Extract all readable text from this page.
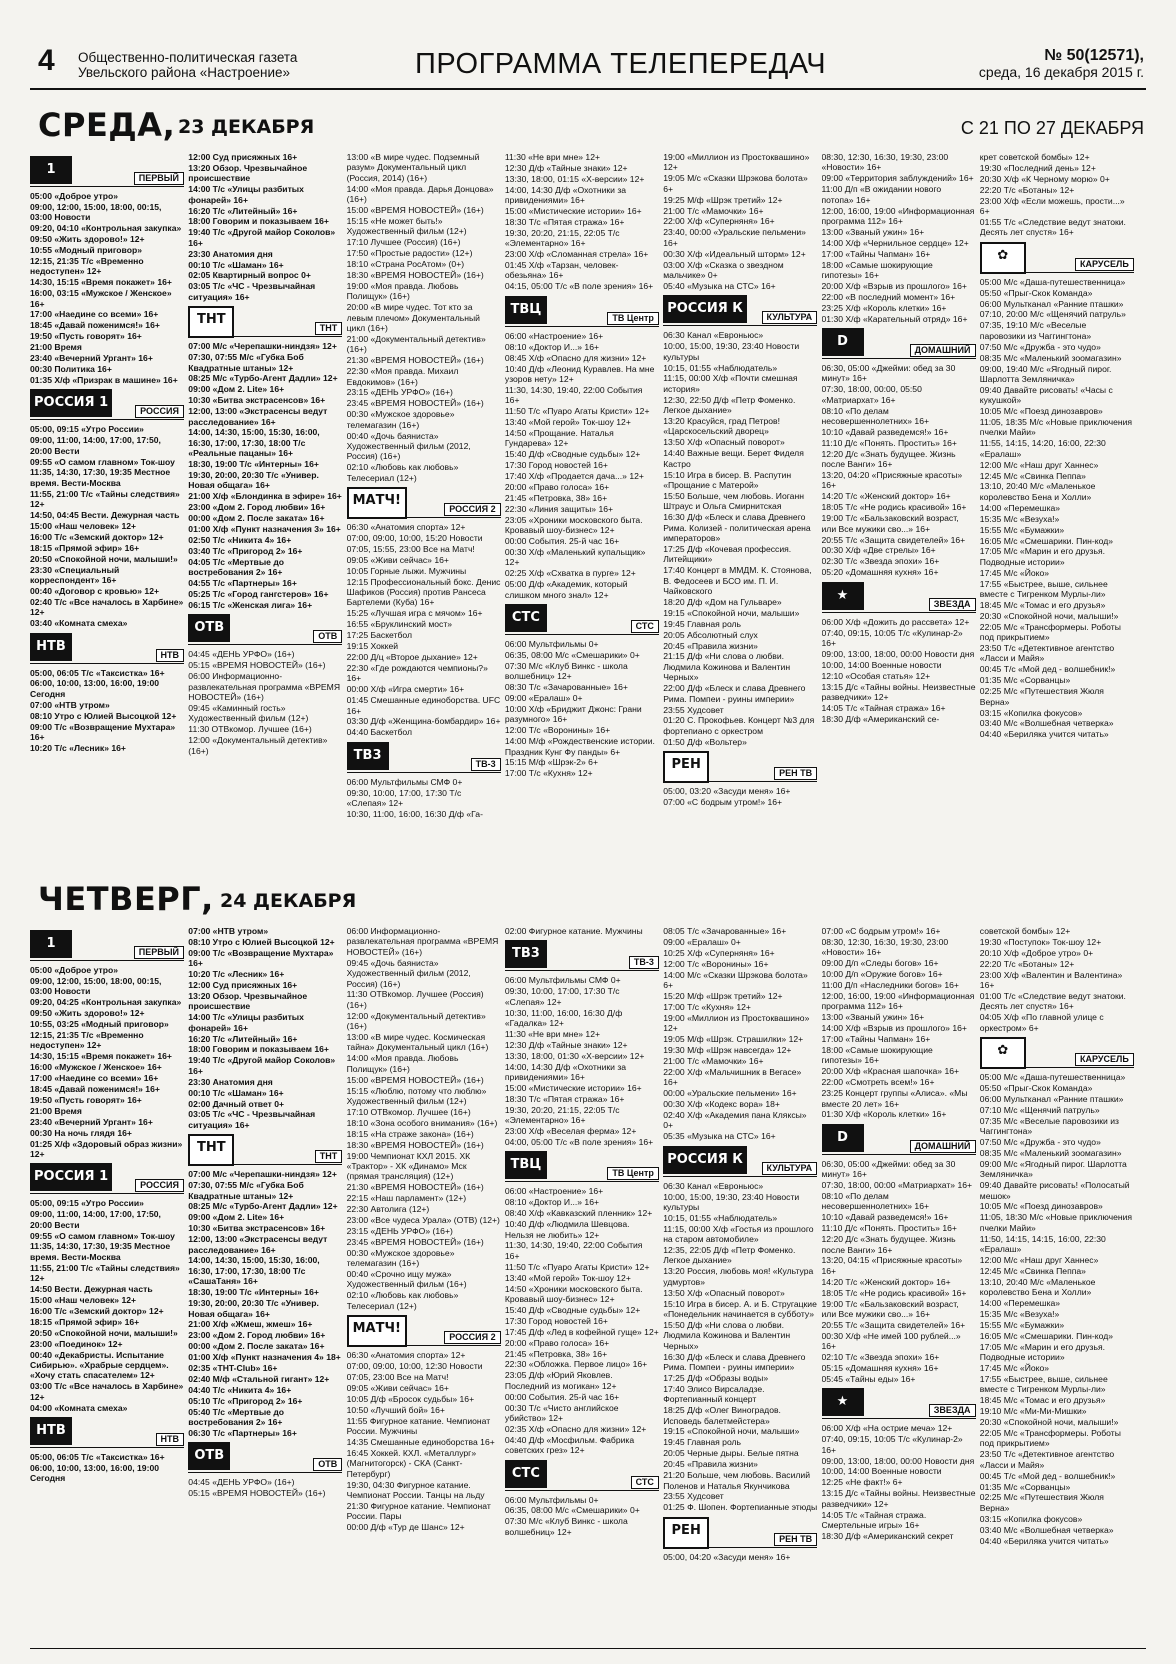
4 Общественно-политическая газета
Увельского района «Настроение»	ПРОГРАММА ТЕЛЕПЕРЕДАЧ	№ 50(12571),
среда, 16 декабря 2015 г.
СРЕДА, 23 ДЕКАБРЯ	С 21 ПО 27 ДЕКАБРЯ
1
ПЕРВЫЙ
05:00 «Доброе утро»
09:00, 12:00, 15:00, 18:00, 00:15, 03:00 Новости
09:20, 04:10 «Контрольная закупка»
09:50 «Жить здорово!» 12+
10:55 «Модный приговор»
12:15, 21:35 Т/с «Временно недоступен» 12+
14:30, 15:15 «Время покажет» 16+
16:00, 03:15 «Мужское / Женское» 16+
17:00 «Наедине со всеми» 16+
18:45 «Давай поженимся!» 16+
19:50 «Пусть говорят» 16+
21:00 Время
23:40 «Вечерний Ургант» 16+
00:30 Политика 16+
01:35 Х/ф «Призрак в машине» 16+
РОССИЯ 1
РОССИЯ
05:00, 09:15 «Утро России»
09:00, 11:00, 14:00, 17:00, 17:50, 20:00 Вести
09:55 «О самом главном» Ток-шоу
11:35, 14:30, 17:30, 19:35 Местное время. Вести-Москва
11:55, 21:00 Т/с «Тайны следствия» 12+
14:50, 04:45 Вести. Дежурная часть
15:00 «Наш человек» 12+
16:00 Т/с «Земский доктор» 12+
18:15 «Прямой эфир» 16+
20:50 «Спокойной ночи, малыши!»
23:30 «Специальный корреспондент» 16+
00:40 «Договор с кровью» 12+
02:40 Т/с «Все началось в Харбине» 12+
03:40 «Комната смеха»
НТВ
НТВ
05:00, 06:05 Т/с «Таксистка» 16+
06:00, 10:00, 13:00, 16:00, 19:00 Сегодня
07:00 «НТВ утром»
08:10 Утро с Юлией Высоцкой 12+
09:00 Т/с «Возвращение Мухтара» 16+
10:20 Т/с «Лесник» 16+
12:00 Суд присяжных 16+
13:20 Обзор. Чрезвычайное происшествие
14:00 Т/с «Улицы разбитых фонарей» 16+
16:20 Т/с «Литейный» 16+
18:00 Говорим и показываем 16+
19:40 Т/с «Другой майор Соколов» 16+
23:30 Анатомия дня
00:10 Т/с «Шаман» 16+
02:05 Квартирный вопрос 0+
03:05 Т/с «ЧС - Чрезвычайная ситуация» 16+
ТНТ
ТНТ
07:00 М/с «Черепашки-ниндзя» 12+
07:30, 07:55 М/с «Губка Боб Квадратные штаны» 12+
08:25 М/с «Турбо-Агент Дадли» 12+
09:00 «Дом 2. Lite» 16+
10:30 «Битва экстрасенсов» 16+
12:00, 13:00 «Экстрасенсы ведут расследование» 16+
14:00, 14:30, 15:00, 15:30, 16:00, 16:30, 17:00, 17:30, 18:00 Т/с «Реальные пацаны» 16+
18:30, 19:00 Т/с «Интерны» 16+
19:30, 20:00, 20:30 Т/с «Универ. Новая общага» 16+
21:00 Х/ф «Блондинка в эфире» 16+
23:00 «Дом 2. Город любви» 16+
00:00 «Дом 2. После заката» 16+
01:00 Х/ф «Пункт назначения 3» 16+
02:50 Т/с «Никита 4» 16+
03:40 Т/с «Пригород 2» 16+
04:05 Т/с «Мертвые до востребования 2» 16+
04:55 Т/с «Партнеры» 16+
05:25 Т/с «Город гангстеров» 16+
06:15 Т/с «Женская лига» 16+
ОТВ
ОТВ
04:45 «ДЕНЬ УРФО» (16+)
05:15 «ВРЕМЯ НОВОСТЕЙ» (16+)
06:00 Информационно-развлекательная программа «ВРЕМЯ НОВОСТЕЙ» (16+)
09:45 «Каминный гость» Художественный фильм (12+)
11:30 ОТВкомор. Лучшее (16+)
12:00 «Документальный детектив» (16+)
13:00 «В мире чудес. Подземный разум» Документальный цикл (Россия, 2014) (16+)
14:00 «Моя правда. Дарья Донцова» (16+)
15:00 «ВРЕМЯ НОВОСТЕЙ» (16+)
15:15 «Не может быть!» Художественный фильм (12+)
17:10 Лучшее (Россия) (16+)
17:50 «Простые радости» (12+)
18:10 «Страна РосАтом» (0+)
18:30 «ВРЕМЯ НОВОСТЕЙ» (16+)
19:00 «Моя правда. Любовь Полищук» (16+)
20:00 «В мире чудес. Тот кто за левым плечом» Документальный цикл (16+)
21:00 «Документальный детектив» (16+)
21:30 «ВРЕМЯ НОВОСТЕЙ» (16+)
22:30 «Моя правда. Михаил Евдокимов» (16+)
23:15 «ДЕНЬ УРФО» (16+)
23:45 «ВРЕМЯ НОВОСТЕЙ» (16+)
00:30 «Мужское здоровье» телемагазин (16+)
00:40 «Дочь баяниста» Художественный фильм (2012, Россия) (16+)
02:10 «Любовь как любовь» Телесериал (12+)
МАТЧ!
РОССИЯ 2
06:30 «Анатомия спорта» 12+
07:00, 09:00, 10:00, 15:20 Новости
07:05, 15:55, 23:00 Все на Матч!
09:05 «Живи сейчас» 16+
10:05 Горные лыжи. Мужчины
12:15 Профессиональный бокс. Денис Шафиков (Россия) против Рансеса Бартелеми (Куба) 16+
15:25 «Лучшая игра с мячом» 16+
16:55 «Бруклинский мост»
17:25 Баскетбол
19:15 Хоккей
22:00 Д/ц «Второе дыхание» 12+
22:30 «Где рождаются чемпионы?» 16+
00:00 Х/ф «Игра смерти» 16+
01:45 Смешанные единоборства. UFC 16+
03:30 Д/ф «Женщина-бомбардир» 16+
04:40 Баскетбол
ТВ3
ТВ-3
06:00 Мультфильмы СМФ 0+
09:30, 10:00, 17:00, 17:30 Т/с «Слепая» 12+
10:30, 11:00, 16:00, 16:30 Д/ф «Га-
11:30 «Не ври мне» 12+
12:30 Д/ф «Тайные знаки» 12+
13:30, 18:00, 01:15 «Х-версии» 12+
14:00, 14:30 Д/ф «Охотники за привидениями» 16+
15:00 «Мистические истории» 16+
18:30 Т/с «Пятая стража» 16+
19:30, 20:20, 21:15, 22:05 Т/с «Элементарно» 16+
23:00 Х/ф «Сломанная стрела» 16+
01:45 Х/ф «Тарзан, человек-обезьяна» 16+
04:15, 05:00 Т/с «В поле зрения» 16+
ТВЦ
ТВ Центр
06:00 «Настроение» 16+
08:10 «Доктор И...» 16+
08:45 Х/ф «Опасно для жизни» 12+
10:40 Д/ф «Леонид Куравлев. На мне узоров нету» 12+
11:30, 14:30, 19:40, 22:00 События 16+
11:50 Т/с «Пуаро Агаты Кристи» 12+
13:40 «Мой герой» Ток-шоу 12+
14:50 «Прощание. Наталья Гундарева» 12+
15:40 Д/ф «Сводные судьбы» 12+
17:30 Город новостей 16+
17:40 Х/ф «Продается дача...» 12+
20:00 «Право голоса» 16+
21:45 «Петровка, 38» 16+
22:30 «Линия защиты» 16+
23:05 «Хроники московского быта. Кровавый шоу-бизнес» 12+
00:00 События. 25-й час 16+
00:30 Х/ф «Маленький купальщик» 12+
02:25 Х/ф «Схватка в пурге» 12+
05:00 Д/ф «Академик, который слишком много знал» 12+
СТС
СТС
06:00 Мультфильмы 0+
06:35, 08:00 М/с «Смешарики» 0+
07:30 М/с «Клуб Винкс - школа волшебниц» 12+
08:30 Т/с «Зачарованные» 16+
09:00 «Ералаш» 0+
10:00 Х/ф «Бриджит Джонс: Грани разумного» 16+
12:00 Т/с «Воронины» 16+
14:00 М/ф «Рождественские истории. Праздник Кунг Фу панды» 6+
15:15 М/ф «Шрэк-2» 6+
17:00 Т/с «Кухня» 12+
19:00 «Миллион из Простоквашино» 12+
19:05 М/с «Сказки Шрэкова болота» 6+
19:25 М/ф «Шрэк третий» 12+
21:00 Т/с «Мамочки» 16+
22:00 Х/ф «Суперняня» 16+
23:40, 00:00 «Уральские пельмени» 16+
00:30 Х/ф «Идеальный шторм» 12+
03:00 Х/ф «Сказка о звездном мальчике» 0+
05:40 «Музыка на СТС» 16+
РОССИЯ К
КУЛЬТУРА
06:30 Канал «Евроньюс»
10:00, 15:00, 19:30, 23:40 Новости культуры
10:15, 01:55 «Наблюдатель»
11:15, 00:00 Х/ф «Почти смешная история»
12:30, 22:50 Д/ф «Петр Фоменко. Легкое дыхание»
13:20 Красуйся, град Петров! «Царскосельский дворец»
13:50 Х/ф «Опасный поворот»
14:40 Важные вещи. Берет Фиделя Кастро
15:10 Игра в бисер. В. Распутин «Прощание с Матерой»
15:50 Больше, чем любовь. Иоганн Штраус и Ольга Смирнитская
16:30 Д/ф «Блеск и слава Древнего Рима. Колизей - политическая арена императоров»
17:25 Д/ф «Кочевая профессия. Литейщики»
17:40 Концерт в ММДМ. К. Стоянова, В. Федосеев и БСО им. П. И. Чайковского
18:20 Д/ф «Дом на Гульваре»
19:15 «Спокойной ночи, малыши»
19:45 Главная роль
20:05 Абсолютный слух
20:45 «Правила жизни»
21:15 Д/ф «Ни слова о любви. Людмила Кожинова и Валентин Черных»
22:00 Д/ф «Блеск и слава Древнего Рима. Помпеи - руины империи»
23:55 Худсовет
01:20 С. Прокофьев. Концерт №3 для фортепиано с оркестром
01:50 Д/ф «Вольтер»
РЕН
РЕН ТВ
05:00, 03:20 «Засуди меня» 16+
07:00 «С бодрым утром!» 16+
08:30, 12:30, 16:30, 19:30, 23:00 «Новости» 16+
09:00 «Территория заблуждений» 16+
11:00 Д/п «В ожидании нового потопа» 16+
12:00, 16:00, 19:00 «Информационная программа 112» 16+
13:00 «Званый ужин» 16+
14:00 Х/ф «Чернильное сердце» 12+
17:00 «Тайны Чапман» 16+
18:00 «Самые шокирующие гипотезы» 16+
20:00 Х/ф «Взрыв из прошлого» 16+
22:00 «В последний момент» 16+
23:25 Х/ф «Король клетки» 16+
01:30 Х/ф «Карательный отряд» 16+
D
ДОМАШНИЙ
06:30, 05:00 «Джейми: обед за 30 минут» 16+
07:30, 18:00, 00:00, 05:50 «Матриархат» 16+
08:10 «По делам несовершеннолетних» 16+
10:10 «Давай разведемся!» 16+
11:10 Д/с «Понять. Простить» 16+
12:20 Д/с «Знать будущее. Жизнь после Ванги» 16+
13:20, 04:20 «Присяжные красоты» 16+
14:20 Т/с «Женский доктор» 16+
18:05 Т/с «Не родись красивой» 16+
19:00 Т/с «Бальзаковский возраст, или Все мужики сво...» 16+
20:55 Т/с «Защита свидетелей» 16+
00:30 Х/ф «Две стрелы» 16+
02:30 Т/с «Звезда эпохи» 16+
05:20 «Домашняя кухня» 16+
★
ЗВЕЗДА
06:00 Х/ф «Дожить до рассвета» 12+
07:40, 09:15, 10:05 Т/с «Кулинар-2» 16+
09:00, 13:00, 18:00, 00:00 Новости дня
10:00, 14:00 Военные новости
12:10 «Особая статья» 12+
13:15 Д/с «Тайны войны. Неизвестные разведчики» 12+
14:05 Т/с «Тайная стража» 16+
18:30 Д/ф «Американский се-
крет советской бомбы» 12+
19:30 «Последний день» 12+
20:30 Х/ф «К Черному морю» 0+
22:20 Т/с «Ботаны» 12+
23:00 Х/ф «Если можешь, прости...» 6+
01:55 Т/с «Следствие ведут знатоки. Десять лет спустя» 16+
✿
КАРУСЕЛЬ
05:00 М/с «Даша-путешественница»
05:50 «Прыг-Скок Команда»
06:00 Мультканал «Ранние пташки»
07:10, 20:00 М/с «Щенячий патруль»
07:35, 19:10 М/с «Веселые паровозики из Чаггингтона»
07:50 М/с «Дружба - это чудо»
08:35 М/с «Маленький зоомагазин»
09:00, 19:40 М/с «Ягодный пирог. Шарлотта Земляничка»
09:40 Давайте рисовать! «Часы с кукушкой»
10:05 М/с «Поезд динозавров»
11:05, 18:35 М/с «Новые приключения пчелки Майи»
11:55, 14:15, 14:20, 16:00, 22:30 «Ералаш»
12:00 М/с «Наш друг Ханнес»
12:45 М/с «Свинка Пеппа»
13:10, 20:40 М/с «Маленькое королевство Бена и Холли»
14:00 «Перемешка»
15:35 М/с «Везуха!»
15:55 М/с «Бумажки»
16:05 М/с «Смешарики. Пин-код»
17:05 М/с «Марин и его друзья. Подводные истории»
17:45 М/с «Йоко»
17:55 «Быстрее, выше, сильнее вместе с Тигренком Мурлы-ли»
18:45 М/с «Томас и его друзья»
20:30 «Спокойной ночи, малыши!»
22:05 М/с «Трансформеры. Роботы под прикрытием»
23:50 Т/с «Детективное агентство «Ласси и Майя»
00:45 Т/с «Мой дед - волшебник!»
01:35 М/с «Сорванцы»
02:25 М/с «Путешествия Жюля Верна»
03:15 «Копилка фокусов»
03:40 М/с «Волшебная четверка»
04:40 «Берилякa учится читать»
ЧЕТВЕРГ, 24 ДЕКАБРЯ
1
ПЕРВЫЙ
05:00 «Доброе утро»
09:00, 12:00, 15:00, 18:00, 00:15, 03:00 Новости
09:20, 04:25 «Контрольная закупка»
09:50 «Жить здорово!» 12+
10:55, 03:25 «Модный приговор»
12:15, 21:35 Т/с «Временно недоступен» 12+
14:30, 15:15 «Время покажет» 16+
16:00 «Мужское / Женское» 16+
17:00 «Наедине со всеми» 16+
18:45 «Давай поженимся!» 16+
19:50 «Пусть говорят» 16+
21:00 Время
23:40 «Вечерний Ургант» 16+
00:30 На ночь глядя 16+
01:25 Х/ф «Здоровый образ жизни» 12+
РОССИЯ 1
РОССИЯ
05:00, 09:15 «Утро России»
09:00, 11:00, 14:00, 17:00, 17:50, 20:00 Вести
09:55 «О самом главном» Ток-шоу
11:35, 14:30, 17:30, 19:35 Местное время. Вести-Москва
11:55, 21:00 Т/с «Тайны следствия» 12+
14:50 Вести. Дежурная часть
15:00 «Наш человек» 12+
16:00 Т/с «Земский доктор» 12+
18:15 «Прямой эфир» 16+
20:50 «Спокойной ночи, малыши!»
23:00 «Поединок» 12+
00:40 «Декабристы. Испытание Сибирью». «Храбрые сердцем». «Хочу стать спасателем» 12+
03:00 Т/с «Все началось в Харбине» 12+
04:00 «Комната смеха»
НТВ
НТВ
05:00, 06:05 Т/с «Таксистка» 16+
06:00, 10:00, 13:00, 16:00, 19:00 Сегодня
07:00 «НТВ утром»
08:10 Утро с Юлией Высоцкой 12+
09:00 Т/с «Возвращение Мухтара» 16+
10:20 Т/с «Лесник» 16+
12:00 Суд присяжных 16+
13:20 Обзор. Чрезвычайное происшествие
14:00 Т/с «Улицы разбитых фонарей» 16+
16:20 Т/с «Литейный» 16+
18:00 Говорим и показываем 16+
19:40 Т/с «Другой майор Соколов» 16+
23:30 Анатомия дня
00:10 Т/с «Шаман» 16+
02:00 Дачный ответ 0+
03:05 Т/с «ЧС - Чрезвычайная ситуация» 16+
ТНТ
ТНТ
07:00 М/с «Черепашки-ниндзя» 12+
07:30, 07:55 М/с «Губка Боб Квадратные штаны» 12+
08:25 М/с «Турбо-Агент Дадли» 12+
09:00 «Дом 2. Lite» 16+
10:30 «Битва экстрасенсов» 16+
12:00, 13:00 «Экстрасенсы ведут расследование» 16+
14:00, 14:30, 15:00, 15:30, 16:00, 16:30, 17:00, 17:30, 18:00 Т/с «СашаТаня» 16+
18:30, 19:00 Т/с «Интерны» 16+
19:30, 20:00, 20:30 Т/с «Универ. Новая общага» 16+
21:00 Х/ф «Жмеш, жмеш» 16+
23:00 «Дом 2. Город любви» 16+
00:00 «Дом 2. После заката» 16+
01:00 Х/ф «Пункт назначения 4» 18+
02:35 «THT-Club» 16+
02:40 М/ф «Стальной гигант» 12+
04:40 Т/с «Никита 4» 16+
05:10 Т/с «Пригород 2» 16+
05:40 Т/с «Мертвые до востребования 2» 16+
06:30 Т/с «Партнеры» 16+
ОТВ
ОТВ
04:45 «ДЕНЬ УРФО» (16+)
05:15 «ВРЕМЯ НОВОСТЕЙ» (16+)
06:00 Информационно-развлекательная программа «ВРЕМЯ НОВОСТЕЙ» (16+)
09:45 «Дочь баяниста» Художественный фильм (2012, Россия) (16+)
11:30 ОТВкомор. Лучшее (Россия) (16+)
12:00 «Документальный детектив» (16+)
13:00 «В мире чудес. Космическая тайна» Документальный цикл (16+)
14:00 «Моя правда. Любовь Полищук» (16+)
15:00 «ВРЕМЯ НОВОСТЕЙ» (16+)
15:15 «Люблю, потому что люблю» Художественный фильм (12+)
17:10 ОТВкомор. Лучшее (16+)
18:10 «Зона особого внимания» (16+)
18:15 «На страже закона» (16+)
18:30 «ВРЕМЯ НОВОСТЕЙ» (16+)
19:00 Чемпионат КХЛ 2015. ХК «Трактор» - ХК «Динамо» Мск (прямая трансляция) (12+)
21:30 «ВРЕМЯ НОВОСТЕЙ» (16+)
22:15 «Наш парламент» (12+)
22:30 Автолига (12+)
23:00 «Все чудеса Урала» (ОТВ) (12+)
23:15 «ДЕНЬ УРФО» (16+)
23:45 «ВРЕМЯ НОВОСТЕЙ» (16+)
00:30 «Мужское здоровье» телемагазин (16+)
00:40 «Срочно ищу мужа» Художественный фильм (16+)
02:10 «Любовь как любовь» Телесериал (12+)
МАТЧ!
РОССИЯ 2
06:30 «Анатомия спорта» 12+
07:00, 09:00, 10:00, 12:30 Новости
07:05, 23:00 Все на Матч!
09:05 «Живи сейчас» 16+
10:05 Д/ф «Бросок судьбы» 16+
10:50 «Лучший бой» 16+
11:55 Фигурное катание. Чемпионат России. Мужчины
14:35 Смешанные единоборства 16+
16:45 Хоккей. КХЛ. «Металлург» (Магнитогорск) - СКА (Санкт-Петербург)
19:30, 04:30 Фигурное катание. Чемпионат России. Танцы на льду
21:30 Фигурное катание. Чемпионат России. Пары
00:00 Д/ф «Тур де Шанс» 12+
02:00 Фигурное катание. Мужчины
ТВ3
ТВ-3
06:00 Мультфильмы СМФ 0+
09:30, 10:00, 17:00, 17:30 Т/с «Слепая» 12+
10:30, 11:00, 16:00, 16:30 Д/ф «Гадалка» 12+
11:30 «Не ври мне» 12+
12:30 Д/ф «Тайные знаки» 12+
13:30, 18:00, 01:30 «Х-версии» 12+
14:00, 14:30 Д/ф «Охотники за привидениями» 16+
15:00 «Мистические истории» 16+
18:30 Т/с «Пятая стража» 16+
19:30, 20:20, 21:15, 22:05 Т/с «Элементарно» 16+
23:00 Х/ф «Веселая ферма» 12+
04:00, 05:00 Т/с «В поле зрения» 16+
ТВЦ
ТВ Центр
06:00 «Настроение» 16+
08:10 «Доктор И...» 16+
08:40 Х/ф «Кавказский пленник» 12+
10:40 Д/ф «Людмила Шевцова. Нельзя не любить» 12+
11:30, 14:30, 19:40, 22:00 События 16+
11:50 Т/с «Пуаро Агаты Кристи» 12+
13:40 «Мой герой» Ток-шоу 12+
14:50 «Хроники московского быта. Кровавый шоу-бизнес» 12+
15:40 Д/ф «Сводные судьбы» 12+
17:30 Город новостей 16+
17:45 Д/ф «Лед в кофейной гуще» 12+
20:00 «Право голоса» 16+
21:45 «Петровка, 38» 16+
22:30 «Обложка. Первое лицо» 16+
23:05 Д/ф «Юрий Яковлев. Последний из могикан» 12+
00:00 События. 25-й час 16+
00:30 Т/с «Чисто английское убийство» 12+
02:35 Х/ф «Опасно для жизни» 12+
04:40 Д/ф «Мосфильм. Фабрика советских грез» 12+
СТС
СТС
06:00 Мультфильмы 0+
06:35, 08:00 М/с «Смешарики» 0+
07:30 М/с «Клуб Винкс - школа волшебниц» 12+
08:05 Т/с «Зачарованные» 16+
09:00 «Ералаш» 0+
10:25 Х/ф «Суперняня» 16+
12:00 Т/с «Воронины» 16+
14:00 М/с «Сказки Шрэкова болота» 6+
15:20 М/ф «Шрэк третий» 12+
17:00 Т/с «Кухня» 12+
19:00 «Миллион из Простоквашино» 12+
19:05 М/ф «Шрэк. Страшилки» 12+
19:30 М/ф «Шрэк навсегда» 12+
21:00 Т/с «Мамочки» 16+
22:00 Х/ф «Мальчишник в Вегасе» 16+
00:00 «Уральские пельмени» 16+
00:30 Х/ф «Кодекс вора» 18+
02:40 Х/ф «Академия пана Кляксы» 0+
05:35 «Музыка на СТС» 16+
РОССИЯ К
КУЛЬТУРА
06:30 Канал «Евроньюс»
10:00, 15:00, 19:30, 23:40 Новости культуры
10:15, 01:55 «Наблюдатель»
11:15, 00:00 Х/ф «Гостья из прошлого на старом автомобиле»
12:35, 22:05 Д/ф «Петр Фоменко. Легкое дыхание»
13:20 Россия, любовь моя! «Культура удмуртов»
13:50 Х/ф «Опасный поворот»
15:10 Игра в бисер. А. и Б. Стругацкие «Понедельник начинается в субботу»
15:50 Д/ф «Ни слова о любви. Людмила Кожинова и Валентин Черных»
16:30 Д/ф «Блеск и слава Древнего Рима. Помпеи - руины империи»
17:25 Д/ф «Образы воды»
17:40 Элисо Вирсаладзе. Фортепианный концерт
18:25 Д/ф «Олег Виноградов. Исповедь балетмейстера»
19:15 «Спокойной ночи, малыши»
19:45 Главная роль
20:05 Черные дыры. Белые пятна
20:45 «Правила жизни»
21:20 Больше, чем любовь. Василий Поленов и Наталья Якунчикова
23:55 Худсовет
01:25 Ф. Шопен. Фортепианные этюды
РЕН
РЕН ТВ
05:00, 04:20 «Засуди меня» 16+
07:00 «С бодрым утром!» 16+
08:30, 12:30, 16:30, 19:30, 23:00 «Новости» 16+
09:00 Д/п «Следы богов» 16+
10:00 Д/п «Оружие богов» 16+
11:00 Д/п «Наследники богов» 16+
12:00, 16:00, 19:00 «Информационная программа 112» 16+
13:00 «Званый ужин» 16+
14:00 Х/ф «Взрыв из прошлого» 16+
17:00 «Тайны Чапман» 16+
18:00 «Самые шокирующие гипотезы» 16+
20:00 Х/ф «Красная шапочка» 16+
22:00 «Смотреть всем!» 16+
23:25 Концерт группы «Алиса». «Мы вместе 20 лет» 16+
01:30 Х/ф «Король клетки» 16+
D
ДОМАШНИЙ
06:30, 05:00 «Джейми: обед за 30 минут» 16+
07:30, 18:00, 00:00 «Матриархат» 16+
08:10 «По делам несовершеннолетних» 16+
10:10 «Давай разведемся!» 16+
11:10 Д/с «Понять. Простить» 16+
12:20 Д/с «Знать будущее. Жизнь после Ванги» 16+
13:20, 04:15 «Присяжные красоты» 16+
14:20 Т/с «Женский доктор» 16+
18:05 Т/с «Не родись красивой» 16+
19:00 Т/с «Бальзаковский возраст, или Все мужики сво...» 16+
20:55 Т/с «Защита свидетелей» 16+
00:30 Х/ф «Не имей 100 рублей...» 16+
02:10 Т/с «Звезда эпохи» 16+
05:15 «Домашняя кухня» 16+
05:45 «Тайны еды» 16+
★
ЗВЕЗДА
06:00 Х/ф «На острие меча» 12+
07:40, 09:15, 10:05 Т/с «Кулинар-2» 16+
09:00, 13:00, 18:00, 00:00 Новости дня
10:00, 14:00 Военные новости
12:25 «Не факт!» 6+
13:15 Д/с «Тайны войны. Неизвестные разведчики» 12+
14:05 Т/с «Тайная стража. Смертельные игры» 16+
18:30 Д/ф «Американский секрет
советской бомбы» 12+
19:30 «Поступок» Ток-шоу 12+
20:10 Х/ф «Доброе утро» 0+
22:20 Т/с «Ботаны» 12+
23:00 Х/ф «Валентин и Валентина» 16+
01:00 Т/с «Следствие ведут знатоки. Десять лет спустя» 16+
04:05 Х/ф «По главной улице с оркестром» 6+
✿
КАРУСЕЛЬ
05:00 М/с «Даша-путешественница»
05:50 «Прыг-Скок Команда»
06:00 Мультканал «Ранние пташки»
07:10 М/с «Щенячий патруль»
07:35 М/с «Веселые паровозики из Чаггингтона»
07:50 М/с «Дружба - это чудо»
08:35 М/с «Маленький зоомагазин»
09:00 М/с «Ягодный пирог. Шарлотта Земляничка»
09:40 Давайте рисовать! «Полосатый мешок»
10:05 М/с «Поезд динозавров»
11:05, 18:30 М/с «Новые приключения пчелки Майи»
11:50, 14:15, 14:15, 16:00, 22:30 «Ералаш»
12:00 М/с «Наш друг Ханнес»
12:45 М/с «Свинка Пеппа»
13:10, 20:40 М/с «Маленькое королевство Бена и Холли»
14:00 «Перемешка»
15:35 М/с «Везуха!»
15:55 М/с «Бумажки»
16:05 М/с «Смешарики. Пин-код»
17:05 М/с «Марин и его друзья. Подводные истории»
17:45 М/с «Йоко»
17:55 «Быстрее, выше, сильнее вместе с Тигренком Мурлы-ли»
18:45 М/с «Томас и его друзья»
19:10 М/с «Ми-Ми-Мишки»
20:30 «Спокойной ночи, малыши!»
22:05 М/с «Трансформеры. Роботы под прикрытием»
23:50 Т/с «Детективное агентство «Ласси и Майя»
00:45 Т/с «Мой дед - волшебник!»
01:35 М/с «Сорванцы»
02:25 М/с «Путешествия Жюля Верна»
03:15 «Копилка фокусов»
03:40 М/с «Волшебная четверка»
04:40 «Берилякa учится читать»
